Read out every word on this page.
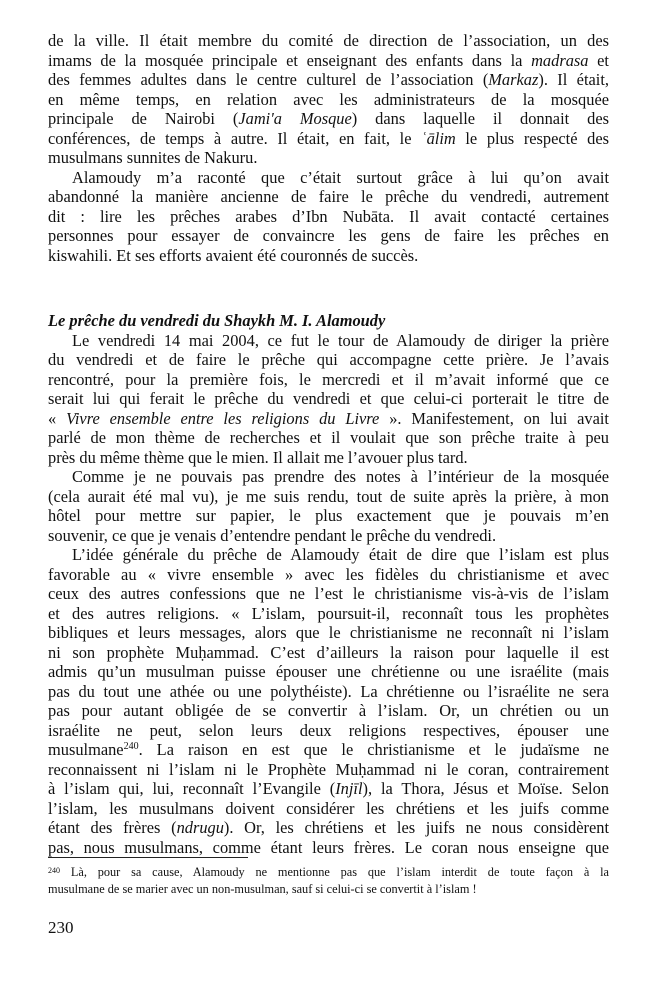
de la ville. Il était membre du comité de direction de l’association, un des
imams de la mosquée principale et enseignant des enfants dans la madrasa et
des femmes adultes dans le centre culturel de l’association (Markaz). Il était,
en même temps, en relation avec les administrateurs de la mosquée
principale de Nairobi (Jami'a Mosque) dans laquelle il donnait des
conférences, de temps à autre. Il était, en fait, le ʿālim le plus respecté des
musulmans sunnites de Nakuru.
Alamoudy m’a raconté que c’était surtout grâce à lui qu’on avait
abandonné la manière ancienne de faire le prêche du vendredi, autrement
dit : lire les prêches arabes d’Ibn Nubāta. Il avait contacté certaines
personnes pour essayer de convaincre les gens de faire les prêches en
kiswahili. Et ses efforts avaient été couronnés de succès.
Le prêche du vendredi du Shaykh M. I. Alamoudy
Le vendredi 14 mai 2004, ce fut le tour de Alamoudy de diriger la prière
du vendredi et de faire le prêche qui accompagne cette prière. Je l’avais
rencontré, pour la première fois, le mercredi et il m’avait informé que ce
serait lui qui ferait le prêche du vendredi et que celui-ci porterait le titre de
« Vivre ensemble entre les religions du Livre ». Manifestement, on lui avait
parlé de mon thème de recherches et il voulait que son prêche traite à peu
près du même thème que le mien. Il allait me l’avouer plus tard.
Comme je ne pouvais pas prendre des notes à l’intérieur de la mosquée
(cela aurait été mal vu), je me suis rendu, tout de suite après la prière, à mon
hôtel pour mettre sur papier, le plus exactement que je pouvais m’en
souvenir, ce que je venais d’entendre pendant le prêche du vendredi.
L’idée générale du prêche de Alamoudy était de dire que l’islam est plus
favorable au « vivre ensemble » avec les fidèles du christianisme et avec
ceux des autres confessions que ne l’est le christianisme vis-à-vis de l’islam
et des autres religions. « L’islam, poursuit-il, reconnaît tous les prophètes
bibliques et leurs messages, alors que le christianisme ne reconnaît ni l’islam
ni son prophète Muḥammad. C’est d’ailleurs la raison pour laquelle il est
admis qu’un musulman puisse épouser une chrétienne ou une israélite (mais
pas du tout une athée ou une polythéiste). La chrétienne ou l’israélite ne sera
pas pour autant obligée de se convertir à l’islam. Or, un chrétien ou un
israélite ne peut, selon leurs deux religions respectives, épouser une
musulmane$^{240}$. La raison en est que le christianisme et le judaïsme ne
reconnaissent ni l’islam ni le Prophète Muḥammad ni le coran, contrairement
à l’islam qui, lui, reconnaît l’Evangile (Injīl), la Thora, Jésus et Moïse. Selon
l’islam, les musulmans doivent considérer les chrétiens et les juifs comme
étant des frères (ndrugu). Or, les chrétiens et les juifs ne nous considèrent
pas, nous musulmans, comme étant leurs frères. Le coran nous enseigne que
$^{240}$ Là, pour sa cause, Alamoudy ne mentionne pas que l’islam interdit de toute façon à la
musulmane de se marier avec un non-musulman, sauf si celui-ci se convertit à l’islam !
230
